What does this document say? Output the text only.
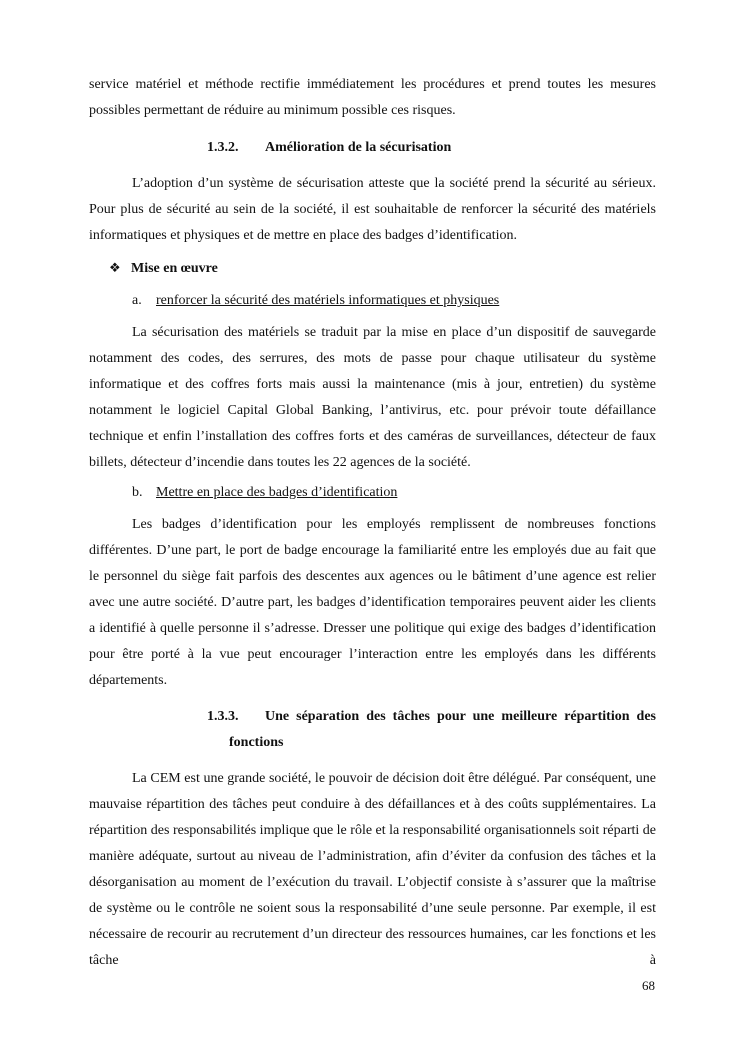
service matériel et méthode rectifie immédiatement les procédures et prend toutes les mesures possibles permettant de réduire au minimum possible ces risques.

1.3.2. Amélioration de la sécurisation

L’adoption d’un système de sécurisation atteste que la société prend la sécurité au sérieux. Pour plus de sécurité au sein de la société, il est souhaitable de renforcer la sécurité des matériels informatiques et physiques et de mettre en place des badges d’identification.

❖ Mise en œuvre
a. renforcer la sécurité des matériels informatiques et physiques

La sécurisation des matériels se traduit par la mise en place d’un dispositif de sauvegarde notamment des codes, des serrures, des mots de passe pour chaque utilisateur du système informatique et des coffres forts mais aussi la maintenance (mis à jour, entretien) du système notamment le logiciel Capital Global Banking, l’antivirus, etc. pour prévoir toute défaillance technique et enfin l’installation des coffres forts et des caméras de surveillances, détecteur de faux billets, détecteur d’incendie dans toutes les 22 agences de la société.

b. Mettre en place des badges d’identification

Les badges d’identification pour les employés remplissent de nombreuses fonctions différentes. D’une part, le port de badge encourage la familiarité entre les employés due au fait que le personnel du siège fait parfois des descentes aux agences ou le bâtiment d’une agence est relier avec une autre société. D’autre part, les badges d’identification temporaires peuvent aider les clients a identifié à quelle personne il s’adresse. Dresser une politique qui exige des badges d’identification pour être porté à la vue peut encourager l’interaction entre les employés dans les différents départements.

1.3.3.	Une séparation des tâches pour une meilleure répartition des
fonctions

La CEM est une grande société, le pouvoir de décision doit être délégué. Par conséquent, une mauvaise répartition des tâches peut conduire à des défaillances et à des coûts supplémentaires. La répartition des responsabilités implique que le rôle et la responsabilité organisationnels soit réparti de manière adéquate, surtout au niveau de l’administration, afin d’éviter da confusion des tâches et la désorganisation au moment de l’exécution du travail. L’objectif consiste à s’assurer que la maîtrise de système ou le contrôle ne soient sous la responsabilité d’une seule personne. Par exemple, il est nécessaire de recourir au recrutement d’un directeur des ressources humaines, car les fonctions et les tâche à

68
